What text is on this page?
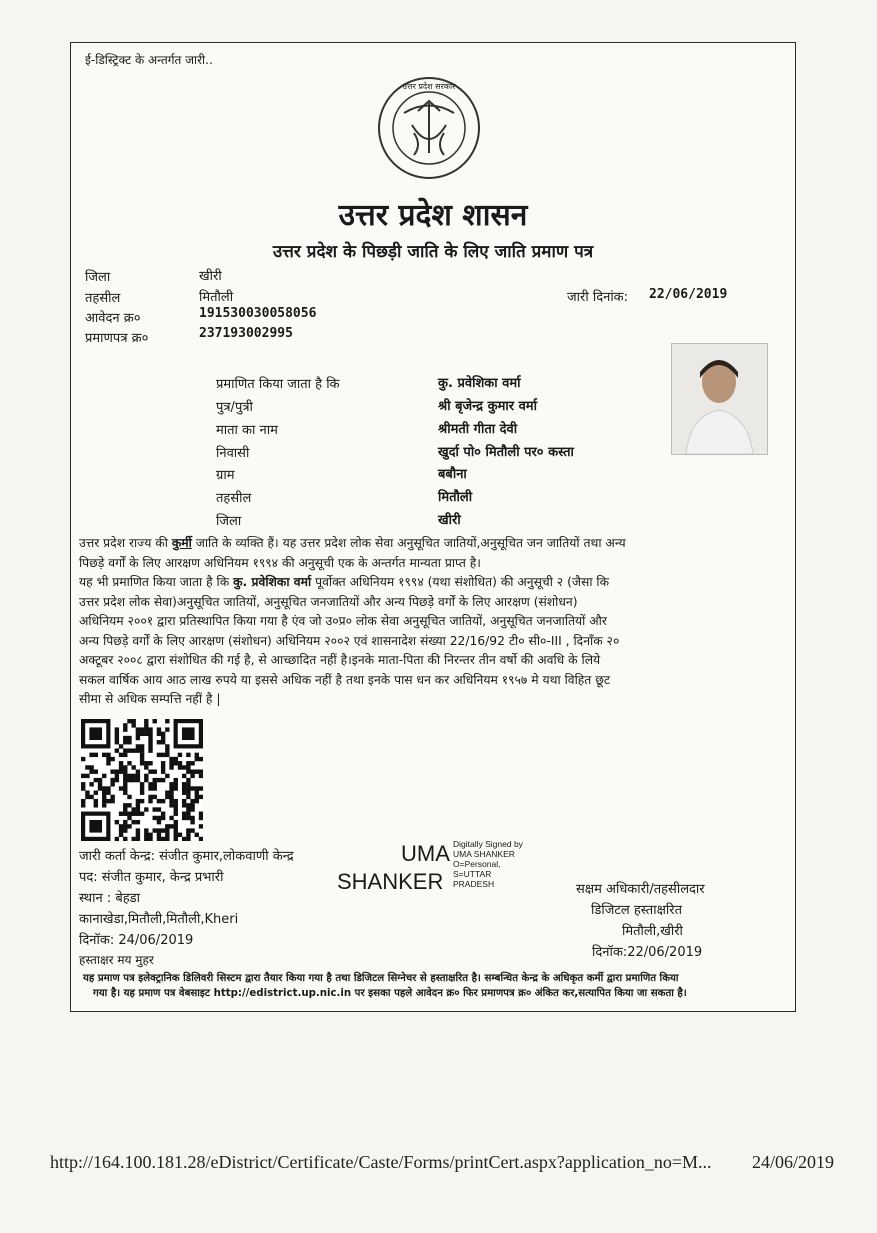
ई-डिस्ट्रिक्ट के अन्तर्गत जारी..
उत्तर प्रदेश सरकार
उत्तर प्रदेश शासन
उत्तर प्रदेश के पिछड़ी जाति के लिए जाति प्रमाण पत्र
जिला	खीरी
तहसील	मितौली
आवेदन क्र०	191530030058056
प्रमाणपत्र क्र०	237193002995
जारी दिनांक: 22/06/2019
प्रमाणित किया जाता है कि	कु. प्रवेशिका वर्मा
पुत्र/पुत्री	श्री बृजेन्द्र कुमार वर्मा
माता का नाम	श्रीमती गीता देवी
निवासी	खुर्दा पो० मितौली पर० कस्ता
ग्राम	बबौना
तहसील	मितौली
जिला	खीरी
उत्तर प्रदेश राज्य की कुर्मी जाति के व्यक्ति हैं। यह उत्तर प्रदेश लोक सेवा अनुसूचित जातियों,अनुसूचित जन जातियों तथा अन्य
पिछड़े वर्गों के लिए आरक्षण अधिनियम १९९४ की अनुसूची एक के अन्तर्गत मान्यता प्राप्त है।
यह भी प्रमाणित किया जाता है कि कु. प्रवेशिका वर्मा पूर्वोक्त अधिनियम १९९४ (यथा संशोधित) की अनुसूची २ (जैसा कि
उत्तर प्रदेश लोक सेवा)अनुसूचित जातियों, अनुसूचित जनजातियों और अन्य पिछड़े वर्गों के लिए आरक्षण (संशोधन)
अधिनियम २००१ द्वारा प्रतिस्थापित किया गया है एंव जो उ०प्र० लोक सेवा अनुसूचित जातियों, अनुसूचित जनजातियों और
अन्य पिछड़े वर्गों के लिए आरक्षण (संशोधन) अधिनियम २००२ एवं शासनादेश संख्या 22/16/92 टी० सी०-III , दिनाँक २०
अक्टूबर २००८ द्वारा संशोधित की गई है, से आच्छादित नहीं है।इनके माता-पिता की निरन्तर तीन वर्षो की अवधि के लिये
सकल वार्षिक आय आठ लाख रुपये या इससे अधिक नहीं है तथा इनके पास धन कर अधिनियम १९५७ मे यथा विहित छूट
सीमा से अधिक सम्पत्ति नहीं है |
जारी कर्ता केन्द्र: संजीत कुमार,लोकवाणी केन्द्र
पद: संजीत कुमार, केन्द्र प्रभारी
स्थान : बेहडा
कानाखेडा,मितौली,मितौली,Kheri
दिनॉक: 24/06/2019
हस्ताक्षर मय मुहर
UMA
SHANKER
Digitally Signed by
UMA SHANKER
O=Personal,
S=UTTAR
PRADESH	सक्षम अधिकारी/तहसीलदार
डिजिटल हस्ताक्षरित
मितौली,खीरी
दिनॉक:22/06/2019
यह प्रमाण पत्र इलेक्ट्रानिक डिलिवरी सिस्टम द्वारा तैयार किया गया है तथा डिजिटल सिग्नेचर से हस्ताक्षरित है। सम्बन्धित केन्द्र के अधिकृत कर्मी द्वारा प्रमाणित किया
गया है। यह प्रमाण पत्र वेबसाइट http://edistrict.up.nic.in पर इसका पहले आवेदन क्र० फिर प्रमाणपत्र क्र० अंकित कर,सत्यापित किया जा सकता है।
http://164.100.181.28/eDistrict/Certificate/Caste/Forms/printCert.aspx?application_no=M... 24/06/2019
